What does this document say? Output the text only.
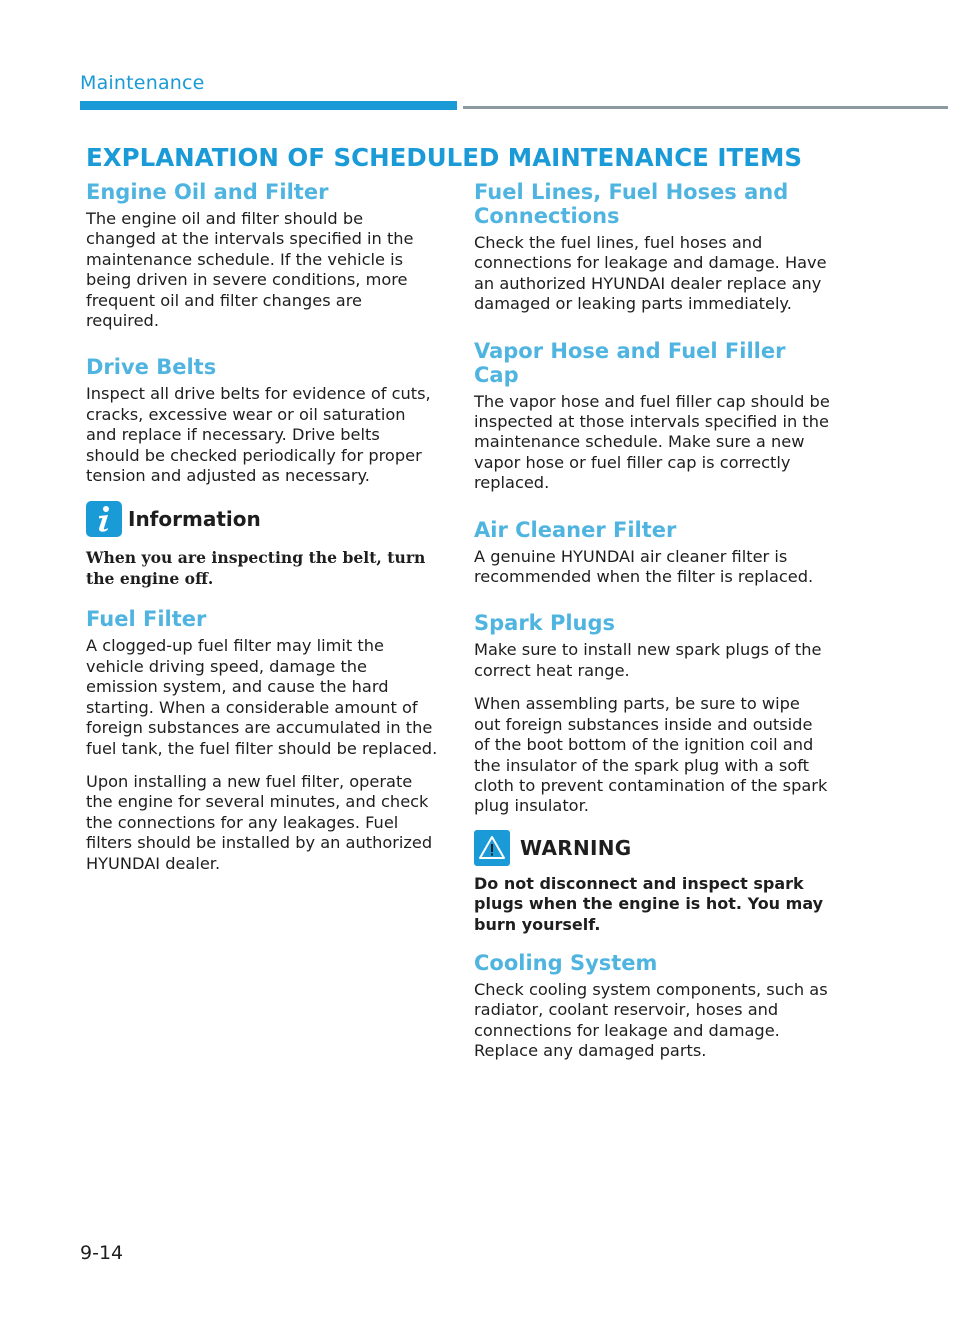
Maintenance
EXPLANATION OF SCHEDULED MAINTENANCE ITEMS
Engine Oil and Filter

The engine oil and filter should be changed at the intervals specified in the maintenance schedule. If the vehicle is being driven in severe conditions, more frequent oil and filter changes are required.

Drive Belts

Inspect all drive belts for evidence of cuts, cracks, excessive wear or oil saturation and replace if necessary. Drive belts should be checked periodically for proper tension and adjusted as necessary.

Information

When you are inspecting the belt, turn the engine off.

Fuel Filter

A clogged-up fuel filter may limit the vehicle driving speed, damage the emission system, and cause the hard starting. When a considerable amount of foreign substances are accumulated in the fuel tank, the fuel filter should be replaced.

Upon installing a new fuel filter, operate the engine for several minutes, and check the connections for any leakages. Fuel filters should be installed by an authorized HYUNDAI dealer.

Fuel Lines, Fuel Hoses and Connections

Check the fuel lines, fuel hoses and connections for leakage and damage. Have an authorized HYUNDAI dealer replace any damaged or leaking parts immediately.

Vapor Hose and Fuel Filler Cap

The vapor hose and fuel filler cap should be inspected at those intervals specified in the maintenance schedule. Make sure a new vapor hose or fuel filler cap is correctly replaced.

Air Cleaner Filter

A genuine HYUNDAI air cleaner filter is recommended when the filter is replaced.

Spark Plugs

Make sure to install new spark plugs of the correct heat range.

When assembling parts, be sure to wipe out foreign substances inside and outside of the boot bottom of the ignition coil and the insulator of the spark plug with a soft cloth to prevent contamination of the spark plug insulator.

WARNING

Do not disconnect and inspect spark plugs when the engine is hot. You may burn yourself.

Cooling System

Check cooling system components, such as radiator, coolant reservoir, hoses and connections for leakage and damage. Replace any damaged parts.

9-14
